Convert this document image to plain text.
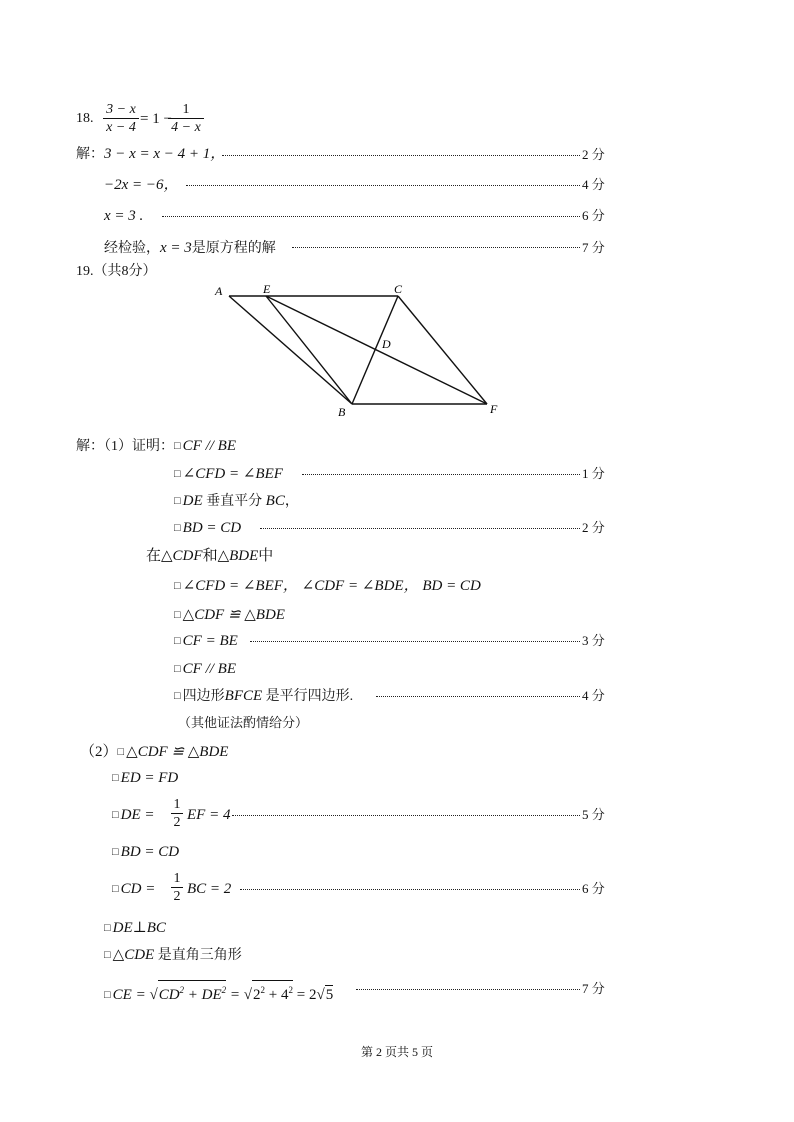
18. $\frac{3 - x}{x - 4} = 1$ −
$\frac{1}{4 - x}$
解： 3 − x = x − 4 + 1，	2 分
−2x = −6，	4 分
x = 3 .	6 分
经检验，x = 3是原方程的解	7 分
19.（共8分）
A	E	C
D
B	F
解：（1）证明： □ CF // BE
□ ∠CFD = ∠BEF	1 分
□ DE 垂直平分 BC，
□ BD = CD	2 分
在△CDF和△BDE中
□ ∠CFD = ∠BEF， ∠CDF = ∠BDE， BD = CD
□ △CDF ≌ △BDE
□ CF = BE	3 分
□ CF // BE
□ 四边形BFCE 是平行四边形.	4 分
（其他证法酌情给分）
（2）□ △CDF ≌ △BDE
□ ED = FD
□ DE = $\frac{1}{2}$ EF = 4	5 分
□ BD = CD
□ CD = $\frac{1}{2}$ BC = 2	6 分
□ DE⊥BC
□ △CDE 是直角三角形
□ CE = $√CD^2 + DE^2 = √2^2 + 4^2 = 2√5$	7 分
第 2 页共 5 页
